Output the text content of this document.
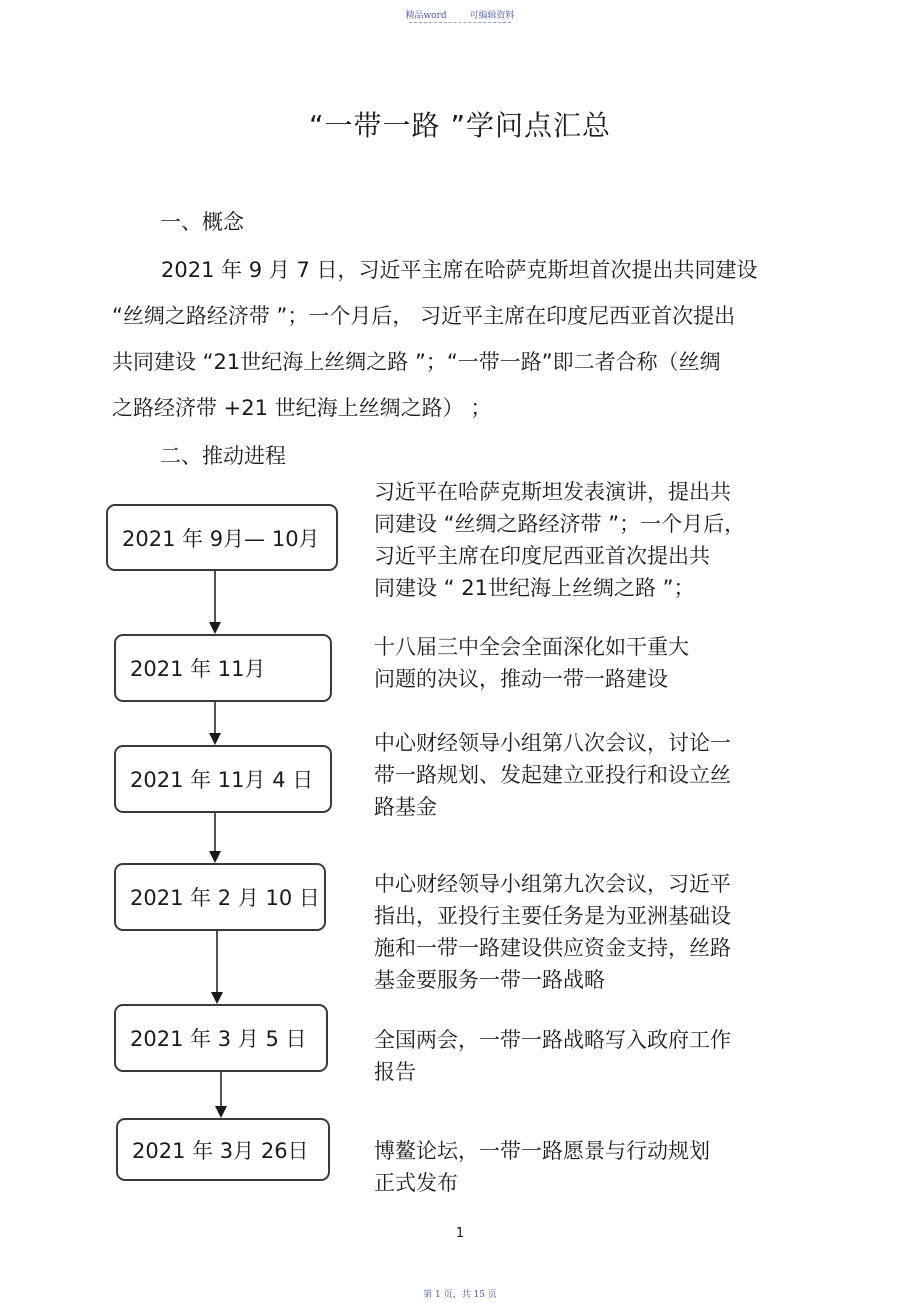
精品word	可编辑资料
“一带一路 ”学问点汇总
一、概念
2021 年 9 月 7 日，习近平主席在哈萨克斯坦首次提出共同建设
“丝绸之路经济带 ”；一个月后， 习近平主席在印度尼西亚首次提出
共同建设 “21世纪海上丝绸之路 ”；“一带一路”即二者合称（丝绸
之路经济带 +21 世纪海上丝绸之路） ；
二、推动进程
2021 年 9月— 10月
2021 年 11月
2021 年 11月 4 日
2021 年 2 月 10 日
2021 年 3 月 5 日
2021 年 3月 26日
习近平在哈萨克斯坦发表演讲，提出共
同建设 “丝绸之路经济带 ”；一个月后，
习近平主席在印度尼西亚首次提出共
同建设 “ 21世纪海上丝绸之路 ”；
十八届三中全会全面深化如干重大
问题的决议，推动一带一路建设
中心财经领导小组第八次会议，讨论一
带一路规划、发起建立亚投行和设立丝
路基金
中心财经领导小组第九次会议，习近平
指出，亚投行主要任务是为亚洲基础设
施和一带一路建设供应资金支持，丝路
基金要服务一带一路战略
全国两会，一带一路战略写入政府工作
报告
博鳌论坛，一带一路愿景与行动规划
正式发布
1
第 1 页，共 15 页
